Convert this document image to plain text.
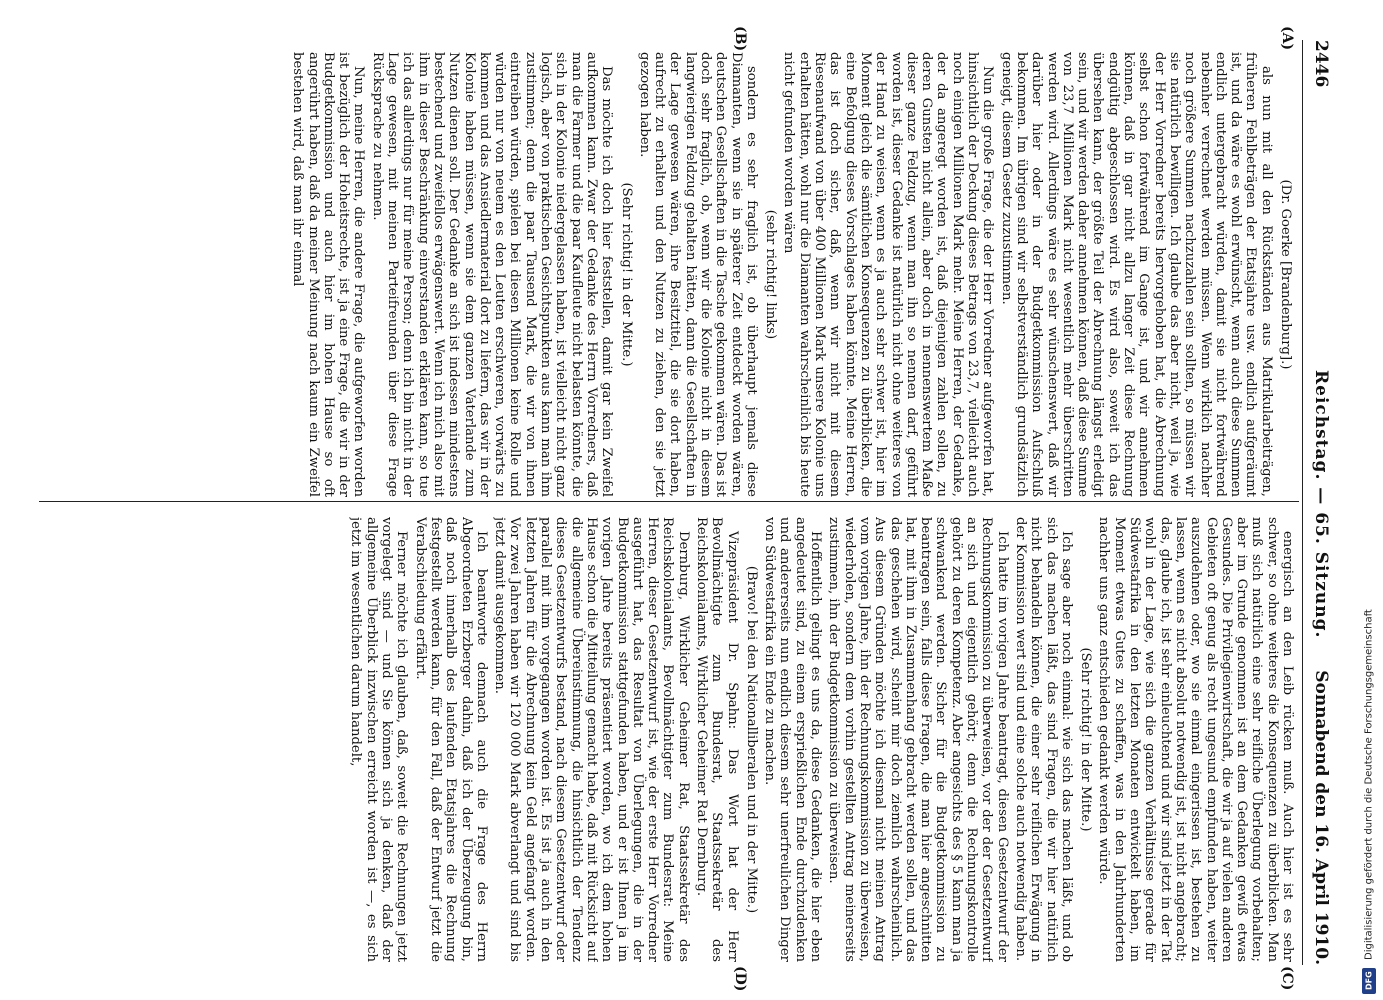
2446
Reichstag. — 65. Sitzung.
Sonnabend den 16. April 1910.
(A)
(B)
(C)
(D)

(Dr. Goerke [Brandenburg].)

als nun mit all den Rückständen aus Matrikularbeiträgen, früheren Fehlbeträgen der Etatsjahre usw. endlich aufgeräumt ist, und da wäre es wohl erwünscht, wenn auch diese Summen endlich untergebracht würden, damit sie nicht fortwährend nebenher verrechnet werden müssen. Wenn wirklich nachher noch größere Summen nachzuzahlen sein sollten, so müssen wir sie natürlich bewilligen. Ich glaube das aber nicht, weil ja, wie der Herr Vorredner bereits hervorgehoben hat, die Abrechnung selbst schon fortwährend im Gange ist, und wir annehmen können, daß in gar nicht allzu langer Zeit diese Rechnung endgültig abgeschlossen wird. Es wird also, soweit ich das übersehen kann, der größte Teil der Abrechnung längst erledigt sein, und wir werden daher annehmen können, daß diese Summe von 23,7 Millionen Mark nicht wesentlich mehr überschritten werden wird. Allerdings wäre es sehr wünschenswert, daß wir darüber hier oder in der Budgetkommission Aufschluß bekommen. Im übrigen sind wir selbstverständlich grundsätzlich geneigt, diesem Gesetz zuzustimmen.

Nun die große Frage, die der Herr Vorredner aufgeworfen hat, hinsichtlich der Deckung dieses Betrags von 23,7, vielleicht auch noch einigen Millionen Mark mehr. Meine Herren, der Gedanke, der da angeregt worden ist, daß diejenigen zahlen sollen, zu deren Gunsten nicht allein, aber doch in nennenswertem Maße dieser ganze Feldzug, wenn man ihn so nennen darf, geführt worden ist, dieser Gedanke ist natürlich nicht ohne weiteres von der Hand zu weisen, wenn es ja auch sehr schwer ist, hier im Moment gleich die sämtlichen Konsequenzen zu überblicken, die eine Befolgung dieses Vorschlages haben könnte. Meine Herren, das ist doch sicher, daß, wenn wir nicht mit diesem Riesenaufwand von über 400 Millionen Mark unsere Kolonie uns erhalten hätten, wohl nur die Diamanten wahrscheinlich bis heute nicht gefunden worden wären

(sehr richtig! links)

sondern es sehr fraglich ist, ob überhaupt jemals diese Diamanten, wenn sie in späterer Zeit entdeckt worden wären, deutschen Gesellschaften in die Tasche gekommen wären. Das ist doch sehr fraglich, ob, wenn wir die Kolonie nicht in diesem langwierigen Feldzug gehalten hätten, dann die Gesellschaften in der Lage gewesen wären, ihre Besitztitel, die sie dort haben, aufrecht zu erhalten und den Nutzen zu ziehen, den sie jetzt gezogen haben.

(Sehr richtig! in der Mitte.)

Das möchte ich doch hier feststellen, damit gar kein Zweifel aufkommen kann. Zwar der Gedanke des Herrn Vorredners, daß man die Farmer und die paar Kaufleute nicht belasten könnte, die sich in der Kolonie niedergelassen haben, ist vielleicht nicht ganz logisch, aber von praktischen Gesichtspunkten aus kann man ihm zustimmen; denn die paar Tausend Mark, die wir von ihnen eintreiben würden, spielen bei diesen Millionen keine Rolle und würden nur von neuem es den Leuten erschweren, vorwärts zu kommen und das Ansiedlermaterial dort zu liefern, das wir in der Kolonie haben müssen, wenn sie dem ganzen Vaterlande zum Nutzen dienen soll. Der Gedanke an sich ist indessen mindestens bestechend und zweifellos erwägenswert. Wenn ich mich also mit ihm in dieser Beschränkung einverstanden erklären kann, so tue ich das allerdings nur für meine Person; denn ich bin nicht in der Lage gewesen, mit meinen Parteifreunden über diese Frage Rücksprache zu nehmen.

Nun, meine Herren, die andere Frage, die aufgeworfen worden ist bezüglich der Hoheitsrechte, ist ja eine Frage, die wir in der Budgetkommission und auch hier im hohen Hause so oft angerührt haben, daß da meiner Meinung nach kaum ein Zweifel bestehen wird, daß man ihr einmal

energisch an den Leib rücken muß. Auch hier ist es sehr schwer, so ohne weiteres die Konsequenzen zu überblicken. Man muß sich natürlich eine sehr reifliche Überlegung vorbehalten; aber im Grunde genommen ist an dem Gedanken gewiß etwas Gesundes. Die Privilegienwirtschaft, die wir ja auf vielen anderen Gebieten oft genug als recht ungesund empfunden haben, weiter auszudehnen oder, wo sie einmal eingerissen ist, bestehen zu lassen, wenn es nicht absolut notwendig ist, ist nicht angebracht; das, glaube ich, ist sehr einleuchtend und wir sind jetzt in der Tat wohl in der Lage, wie sich die ganzen Verhältnisse gerade für Südwestafrika in den letzten Monaten entwickelt haben, im Moment etwas Gutes zu schaffen, was in den Jahrhunderten nachher uns ganz entschieden gedankt werden würde.

(Sehr richtig! in der Mitte.)

Ich sage aber noch einmal: wie sich das machen läßt, und ob sich das machen läßt, das sind Fragen, die wir hier natürlich nicht behandeln können, die einer sehr reiflichen Erwägung in der Kommission wert sind und eine solche auch notwendig haben.

Ich hatte im vorigen Jahre beantragt, diesen Gesetzentwurf der Rechnungskommission zu überweisen, vor der der Gesetzentwurf an sich und eigentlich gehört; denn die Rechnungskontrolle gehört zu deren Kompetenz. Aber angesichts des § 5 kann man ja schwankend werden. Sicher für die Budgetkommission zu beantragen sein, falls diese Fragen, die man hier angeschnitten hat, mit ihm in Zusammenhang gebracht werden sollen, und das das geschehen wird, scheint mir doch ziemlich wahrscheinlich. Aus diesem Gründen möchte ich diesmal nicht meinen Antrag vom vorigen Jahre, ihn der Rechnungskommission zu überweisen, wiederholen, sondern dem vorhin gestellten Antrag meinerseits zustimmen, ihn der Budgetkommission zu überweisen.

Hoffentlich gelingt es uns da, diese Gedanken, die hier eben angedeutet sind, zu einem ersprießlichen Ende durchzudenken und andererseits nun endlich diesem sehr unerfreulichen Dinger von Südwestafrika ein Ende zu machen.

(Bravo! bei den Nationalliberalen und in der Mitte.)

Vizepräsident Dr. Spahn: Das Wort hat der Herr Bevollmächtigte zum Bundesrat, Staatssekretär des Reichskolonialamts, Wirklicher Geheimer Rat Dernburg.

Dernburg, Wirklicher Geheimer Rat, Staatssekretär des Reichskolonialamts, Bevollmächtigter zum Bundesrat: Meine Herren, dieser Gesetzentwurf ist, wie der erste Herr Vorredner ausgeführt hat, das Resultat von Überlegungen, die in der Budgetkommission stattgefunden haben, und er ist Ihnen ja im vorigen Jahre bereits präsentiert worden, wo ich dem hohen Hause schon die Mitteilung gemacht habe, daß mit Rücksicht auf die allgemeine Übereinstimmung, die hinsichtlich der Tendenz dieses Gesetzentwurfs bestand, nach diesem Gesetzentwurf oder parallel mit ihm vorgegangen worden ist. Es ist ja auch in den letzten Jahren für die Abrechnung kein Geld angefangt worden. Vor zwei Jahren haben wir 120 000 Mark abverlangt und sind bis jetzt damit ausgekommen.

Ich beantworte demnach auch die Frage des Herrn Abgeordneten Erzberger dahin, daß ich der Überzeugung bin, daß noch innerhalb des laufenden Etatsjahres die Rechnung festgestellt werden kann, für den Fall, daß der Entwurf jetzt die Verabschiedung erfährt.

Ferner möchte ich glauben, daß, soweit die Rechnungen jetzt vorgelegt sind — und Sie können sich ja denken, daß der allgemeine Überblick inzwischen erreicht worden ist —, es sich jetzt im wesentlichen darum handelt,	Digitalisierung gefördert durch die Deutsche Forschungsgemeinschaft
DFG
